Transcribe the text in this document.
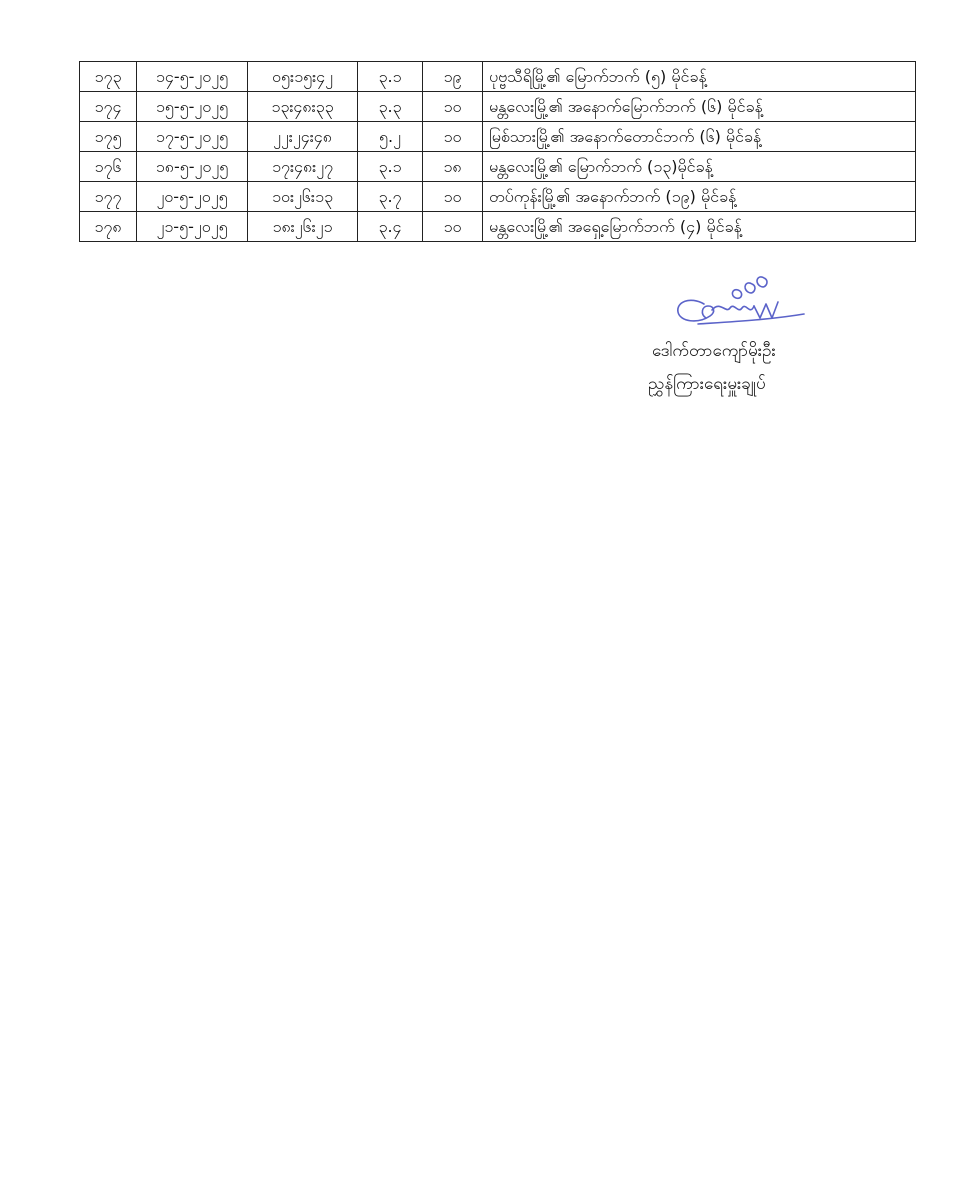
၁၇၃	၁၄-၅-၂၀၂၅	၀၅း၁၅း၄၂	၃.၁	၁၉	ပုဗ္ဗသီရိမြို့၏ မြောက်ဘက် (၅) မိုင်ခန့်
၁၇၄	၁၅-၅-၂၀၂၅	၁၃း၄၈း၃၃	၃.၃	၁၀	မန္တလေးမြို့၏ အနောက်မြောက်ဘက် (၆) မိုင်ခန့်
၁၇၅	၁၇-၅-၂၀၂၅	၂၂း၂၄း၄၈	၅.၂	၁၀	မြစ်သားမြို့၏ အနောက်တောင်ဘက် (၆) မိုင်ခန့်
၁၇၆	၁၈-၅-၂၀၂၅	၁၇း၄၈း၂၇	၃.၁	၁၈	မန္တလေးမြို့၏ မြောက်ဘက် (၁၃)မိုင်ခန့်
၁၇၇	၂၀-၅-၂၀၂၅	၁၀း၂၆း၁၃	၃.၇	၁၀	တပ်ကုန်းမြို့၏ အနောက်ဘက် (၁၉) မိုင်ခန့်
၁၇၈	၂၁-၅-၂၀၂၅	၁၈း၂၆း၂၁	၃.၄	၁၀	မန္တလေးမြို့၏ အရှေ့မြောက်ဘက် (၄) မိုင်ခန့်
ဒေါက်တာကျော်မိုးဦး
ညွှန်ကြားရေးမှူးချုပ်
